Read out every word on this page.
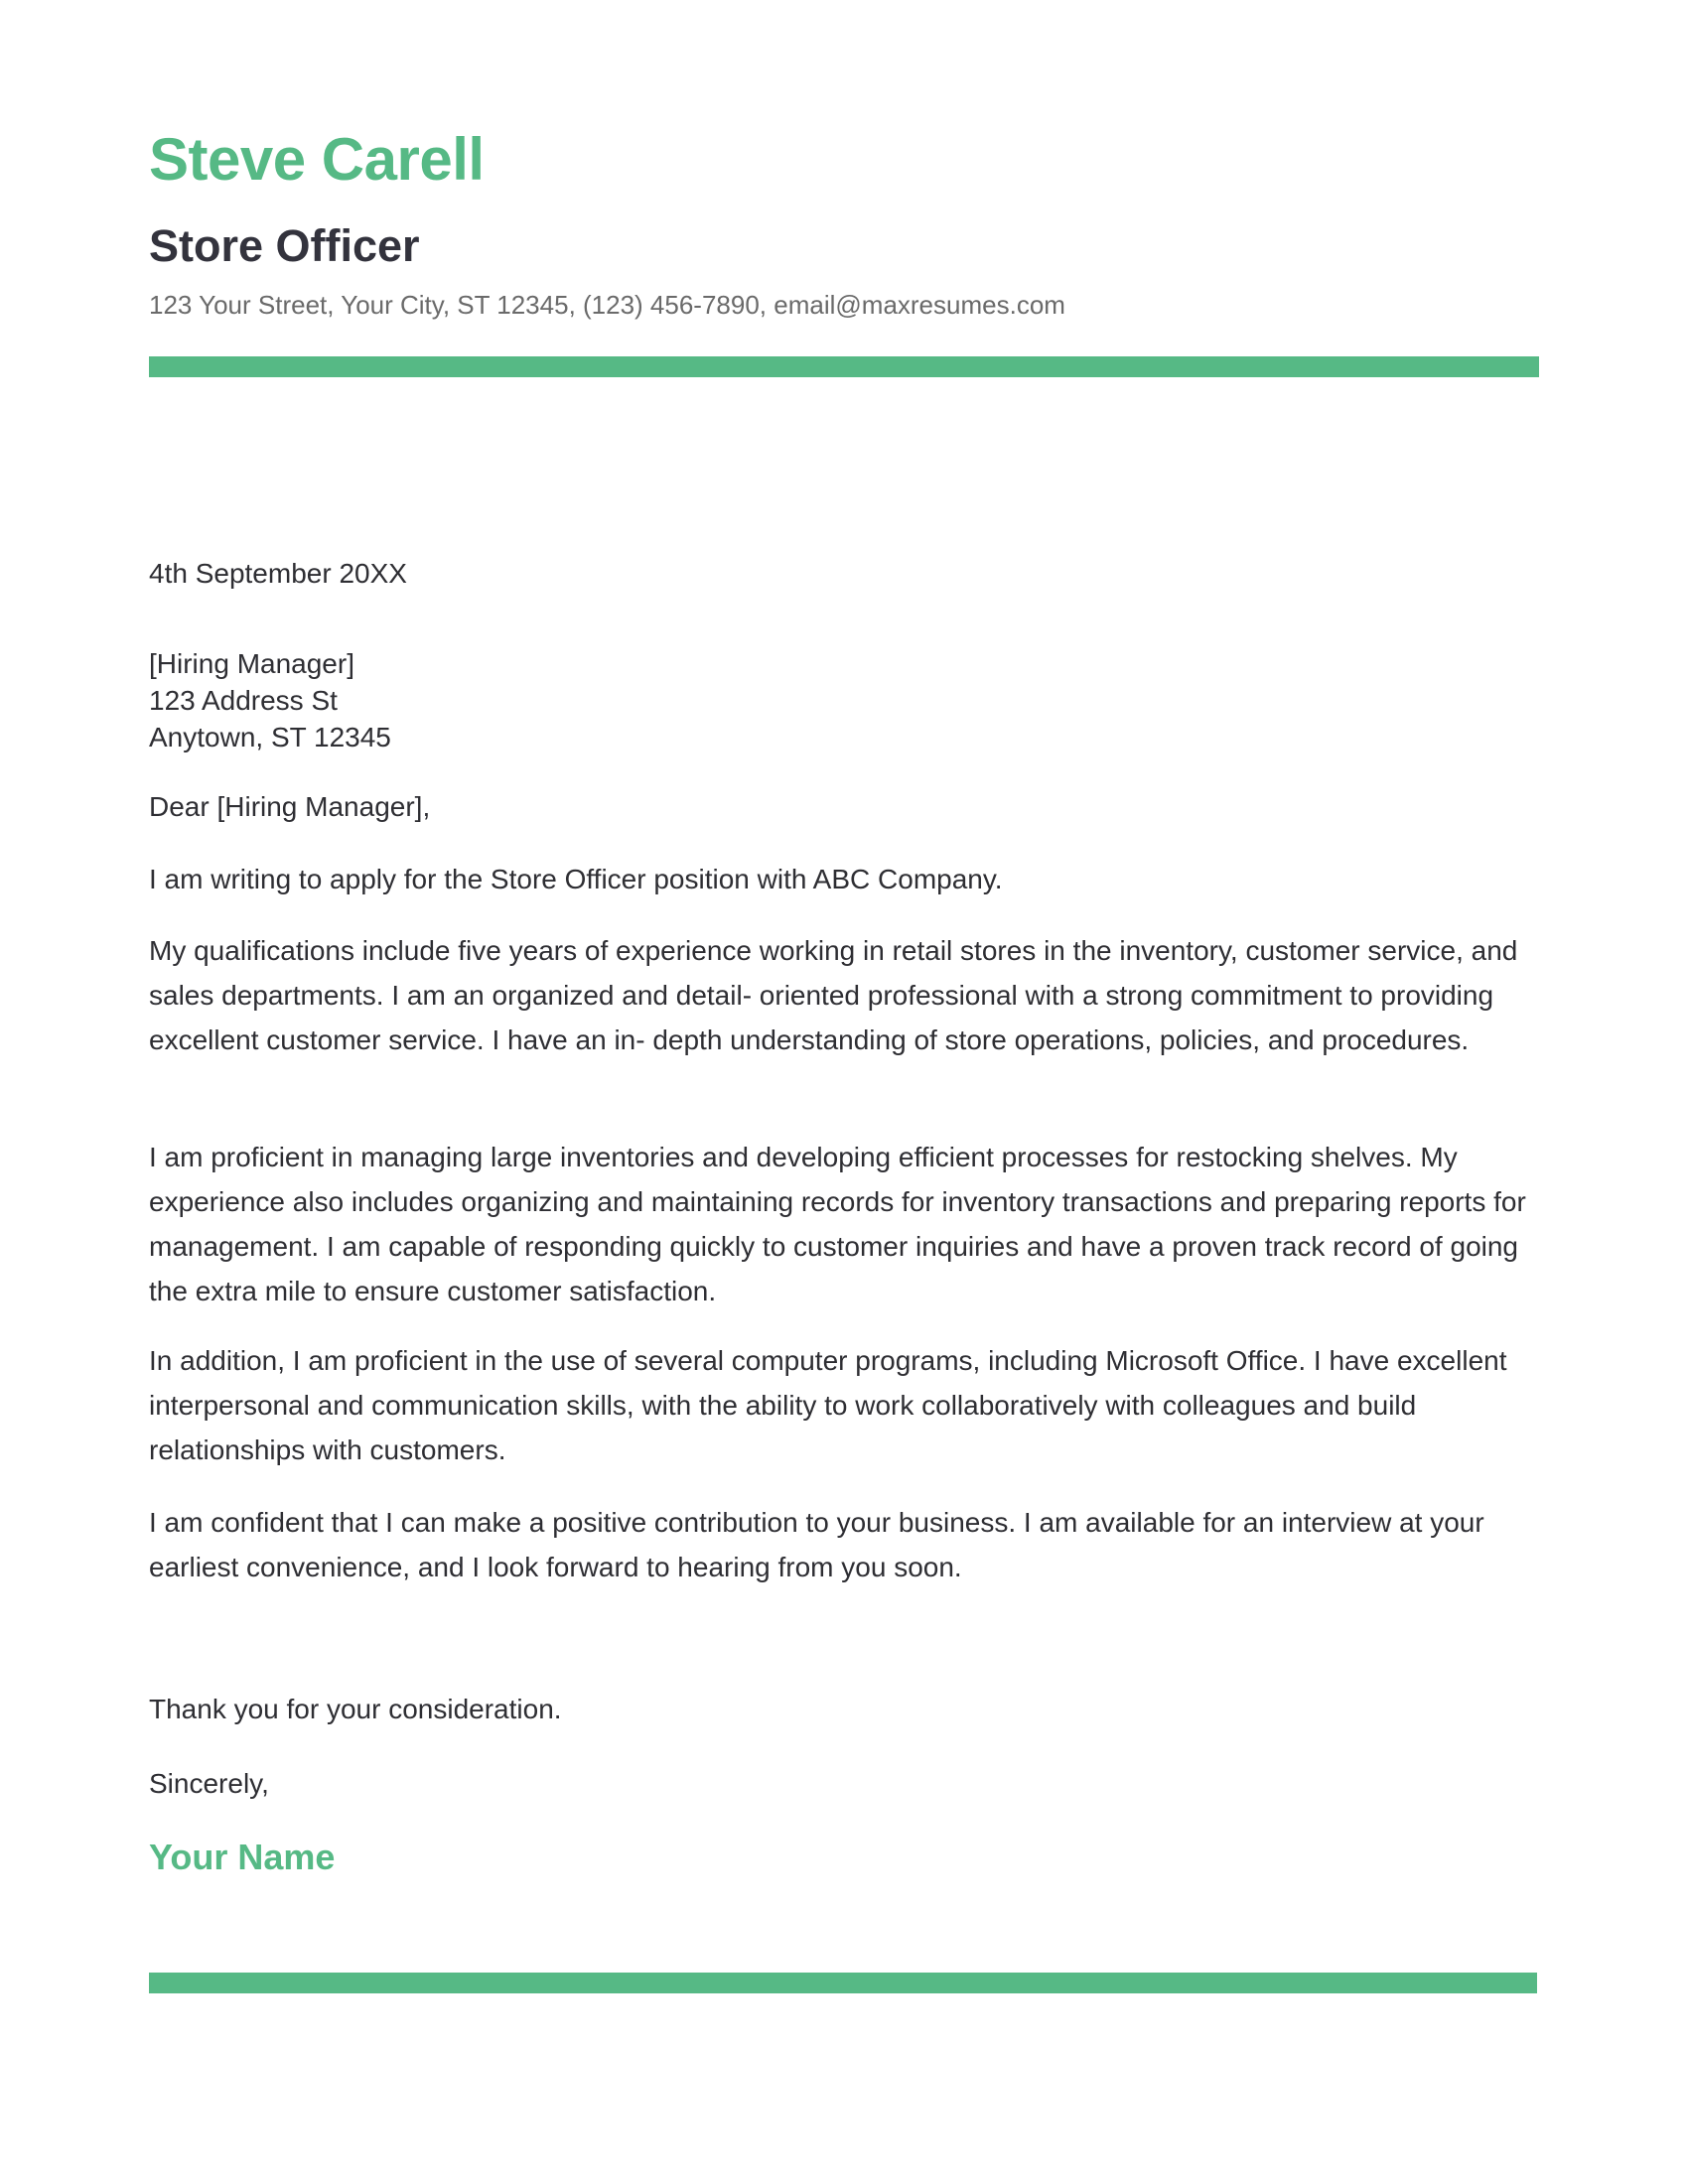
Steve Carell
Store Officer
123 Your Street, Your City, ST 12345, (123) 456-7890, email@maxresumes.com
4th September 20XX
[Hiring Manager]
123 Address St
Anytown, ST 12345
Dear [Hiring Manager],
I am writing to apply for the Store Officer position with ABC Company.
My qualifications include five years of experience working in retail stores in the inventory, customer service, and sales departments. I am an organized and detail- oriented professional with a strong commitment to providing excellent customer service. I have an in- depth understanding of store operations, policies, and procedures.
I am proficient in managing large inventories and developing efficient processes for restocking shelves. My experience also includes organizing and maintaining records for inventory transactions and preparing reports for management. I am capable of responding quickly to customer inquiries and have a proven track record of going the extra mile to ensure customer satisfaction.
In addition, I am proficient in the use of several computer programs, including Microsoft Office. I have excellent interpersonal and communication skills, with the ability to work collaboratively with colleagues and build relationships with customers.
I am confident that I can make a positive contribution to your business. I am available for an interview at your earliest convenience, and I look forward to hearing from you soon.
Thank you for your consideration.
Sincerely,
Your Name
